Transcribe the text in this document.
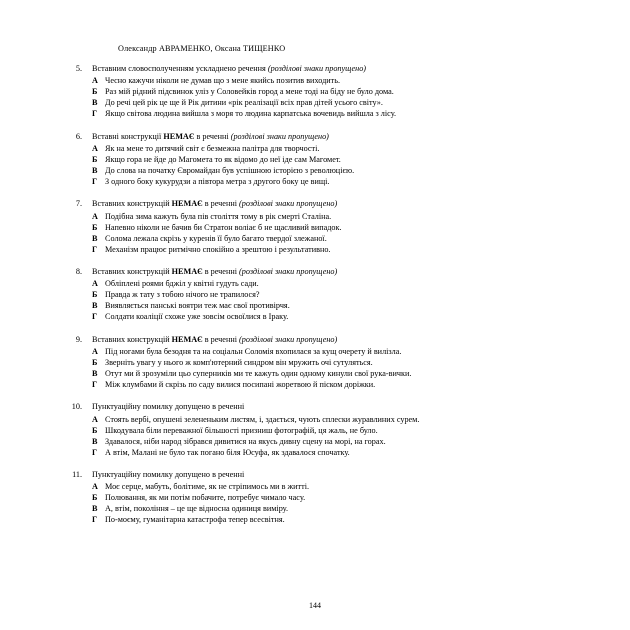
Олександр АВРАМЕНКО, Оксана ТИЩЕНКО
5. Вставним словосполученням ускладнено речення (розділові знаки пропущено)
А Чесно кажучи ніколи не думав що з мене якийсь позитив виходить.
Б Раз мій рідний підсвинок уліз у Соловейків город а мене тоді на біду не було дома.
В До речі цей рік це ще й Рік дитини «рік реалізації всіх прав дітей усього світу».
Г Якщо світова людина вийшла з моря то людина карпатська вочевидь вийшла з лісу.
6. Вставні конструкції НЕМАЄ в реченні (розділові знаки пропущено)
А Як на мене то дитячий світ є безмежна палітра для творчості.
Б Якщо гора не йде до Магомета то як відомо до неї іде сам Магомет.
В До слова на початку Євромайдан був успішною історією з революцією.
Г З одного боку кукурудзи а півтора метра з другого боку це вищі.
7. Вставних конструкцій НЕМАЄ в реченні (розділові знаки пропущено)
А Подібна зима кажуть була пів століття тому в рік смерті Сталіна.
Б Напевно ніколи не бачив би Стратон воліає б не щасливий випадок.
В Солома лежала скрізь у куренів її було багато твердої злежаної.
Г Механізм працює ритмічно спокійно а зрештою і результативно.
8. Вставних конструкцій НЕМАЄ в реченні (розділові знаки пропущено)
А Обліплені роями бджіл у квітні гудуть сади.
Б Правда ж тату з тобою нічого не трапилося?
В Виявляється панські воятри теж має свої противірчя.
Г Солдати коаліції схоже уже зовсім освоїлися в Іраку.
9. Вставних конструкцій НЕМАЄ в реченні (розділові знаки пропущено)
А Під ногами була безодня та на соціальн Соломія вхопилася за кущ очерету й вилізла.
Б Зверніть увагу у нього ж комп'ютерний синдром він мружить очі сутуляться.
В Отут ми й зрозуміли цьо суперників ми те кажуть один одному кинули свої рука-вички.
Г Між клумбами й скрізь по саду вилися посипані жоретвою й піском доріжки.
10. Пунктуаційну помилку допущено в реченні
А Стоять вербі, опушені зелененьким листям, і, здається, чують сплески журавлиних сурем.
Б Шкодувала біли переважної більшості призниш фотографій, ця жаль, не було.
В Здавалося, ніби народ зібрався дивитися на якусь дивну сцену на морі, на горах.
Г А втім, Малані не було так погано біля Юсуфа, як здавалося спочатку.
11. Пунктуаційну помилку допущено в реченні
А Моє серце, мабуть, болітиме, як не стріпимось ми в житті.
Б Полювання, як ми потім побачите, потребує чимало часу.
В А, втім, покоління – це ще відносна одиниця виміру.
Г По-моєму, гуманітарна катастрофа тепер всесвітня.
144
